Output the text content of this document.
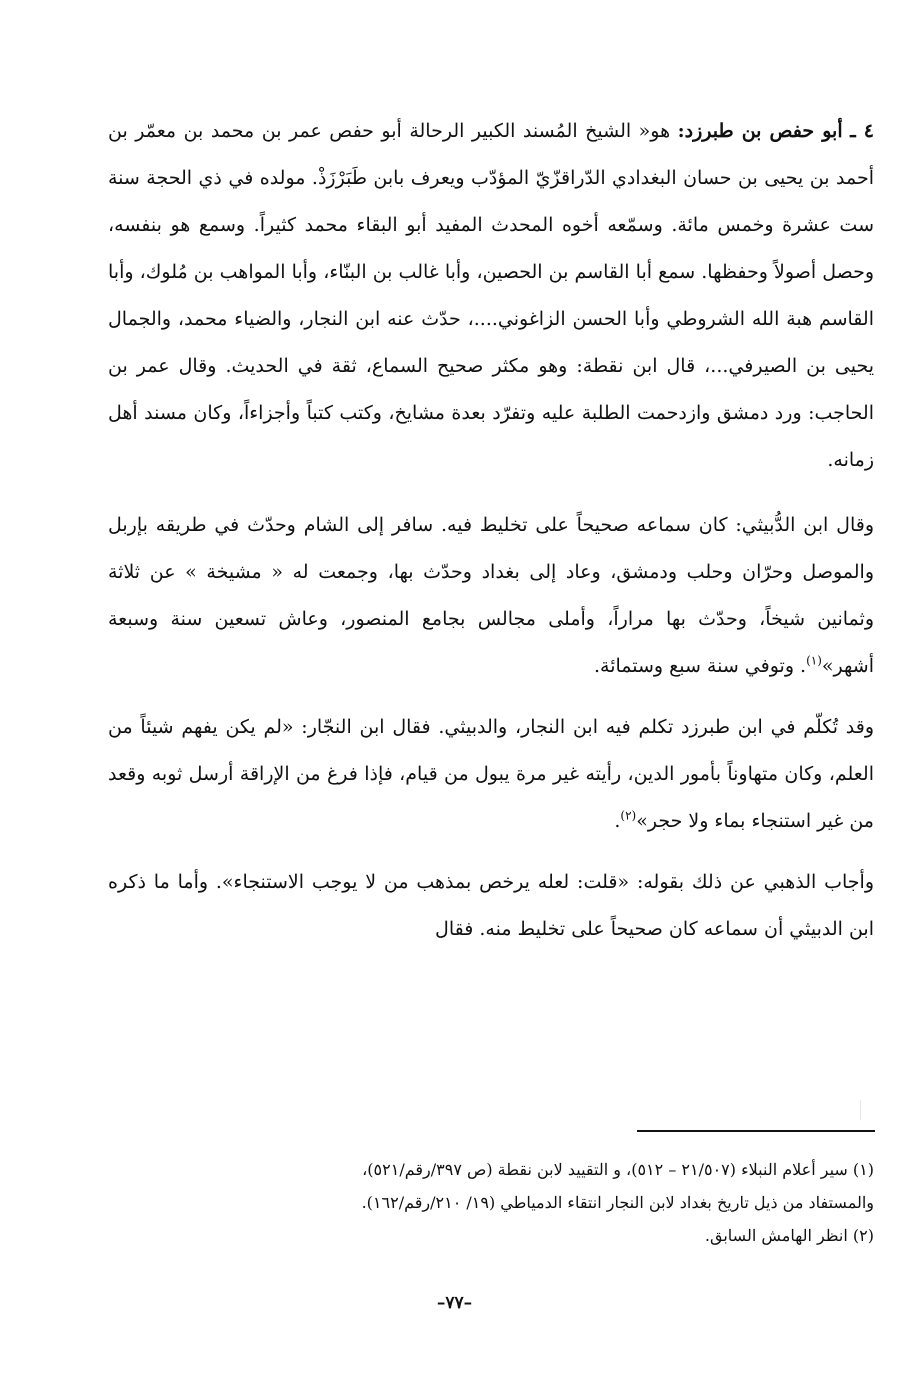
٤ ـ أبو حفص بن طبرزد: هو« الشيخ المُسند الكبير الرحالة أبو حفص عمر بن محمد بن معمّر بن أحمد بن يحيى بن حسان البغدادي الدّراقزّيّ المؤدّب ويعرف بابن طَبَرْزَذْ. مولده في ذي الحجة سنة ست عشرة وخمس مائة. وسمّعه أخوه المحدث المفيد أبو البقاء محمد كثيراً. وسمع هو بنفسه، وحصل أصولاً وحفظها. سمع أبا القاسم بن الحصين، وأبا غالب بن البنّاء، وأبا المواهب بن مُلوك، وأبا القاسم هبة الله الشروطي وأبا الحسن الزاغوني....، حدّث عنه ابن النجار، والضياء محمد، والجمال يحيى بن الصيرفي...، قال ابن نقطة: وهو مكثر صحيح السماع، ثقة في الحديث. وقال عمر بن الحاجب: ورد دمشق وازدحمت الطلبة عليه وتفرّد بعدة مشايخ، وكتب كتباً وأجزاءاً، وكان مسند أهل زمانه.

وقال ابن الدُّبيثي: كان سماعه صحيحاً على تخليط فيه. سافر إلى الشام وحدّث في طريقه بإربل والموصل وحرّان وحلب ودمشق، وعاد إلى بغداد وحدّث بها، وجمعت له « مشيخة » عن ثلاثة وثمانين شيخاً، وحدّث بها مراراً، وأملى مجالس بجامع المنصور، وعاش تسعين سنة وسبعة أشهر»$^{(١)}$. وتوفي سنة سبع وستمائة.

وقد تُكلّم في ابن طبرزد تكلم فيه ابن النجار، والدبيثي. فقال ابن النجّار: «لم يكن يفهم شيئاً من العلم، وكان متهاوناً بأمور الدين، رأيته غير مرة يبول من قيام، فإذا فرغ من الإراقة أرسل ثوبه وقعد من غير استنجاء بماء ولا حجر»$^{(٢)}$.

وأجاب الذهبي عن ذلك بقوله: «قلت: لعله يرخص بمذهب من لا يوجب الاستنجاء». وأما ما ذكره ابن الدبيثي أن سماعه كان صحيحاً على تخليط منه. فقال

(١) سير أعلام النبلاء (٢١/٥٠٧ – ٥١٢)، و التقييد لابن نقطة (ص ٣٩٧/رقم/٥٢١)،

والمستفاد من ذيل تاريخ بغداد لابن النجار انتقاء الدمياطي (١٩/ ٢١٠/رقم/١٦٢).

(٢) انظر الهامش السابق.

–٧٧–
